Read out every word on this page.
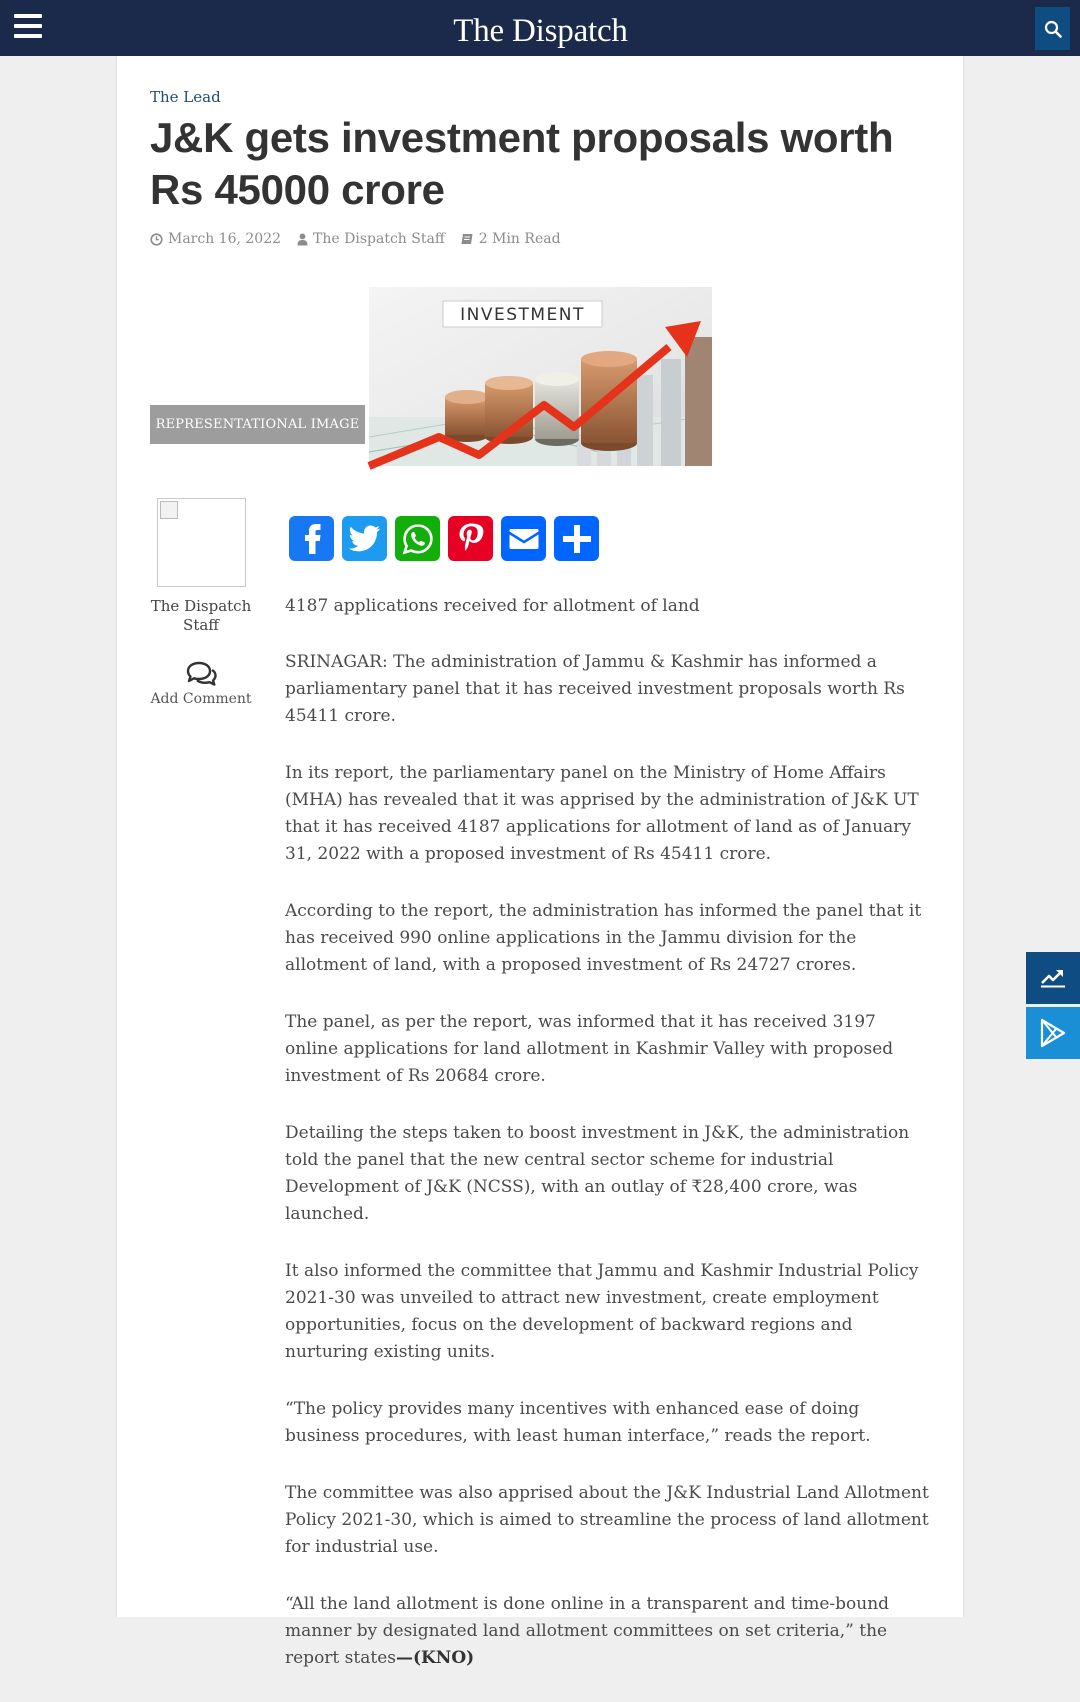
The Dispatch
The Lead
J&K gets investment proposals worth Rs 45000 crore
March 16, 2022 The Dispatch Staff 2 Min Read
REPRESENTATIONAL IMAGE
INVESTMENT
The Dispatch Staff
Add Comment

4187 applications received for allotment of land

SRINAGAR: The administration of Jammu & Kashmir has informed a parliamentary panel that it has received investment proposals worth Rs 45411 crore.

In its report, the parliamentary panel on the Ministry of Home Affairs (MHA) has revealed that it was apprised by the administration of J&K UT that it has received 4187 applications for allotment of land as of January 31, 2022 with a proposed investment of Rs 45411 crore.

According to the report, the administration has informed the panel that it has received 990 online applications in the Jammu division for the allotment of land, with a proposed investment of Rs 24727 crores.

The panel, as per the report, was informed that it has received 3197 online applications for land allotment in Kashmir Valley with proposed investment of Rs 20684 crore.

Detailing the steps taken to boost investment in J&K, the administration told the panel that the new central sector scheme for industrial Development of J&K (NCSS), with an outlay of ₹28,400 crore, was launched.

It also informed the committee that Jammu and Kashmir Industrial Policy 2021-30 was unveiled to attract new investment, create employment opportunities, focus on the development of backward regions and nurturing existing units.

“The policy provides many incentives with enhanced ease of doing business procedures, with least human interface,” reads the report.

The committee was also apprised about the J&K Industrial Land Allotment Policy 2021-30, which is aimed to streamline the process of land allotment for industrial use.

“All the land allotment is done online in a transparent and time-bound manner by designated land allotment committees on set criteria,” the report states—(KNO)
